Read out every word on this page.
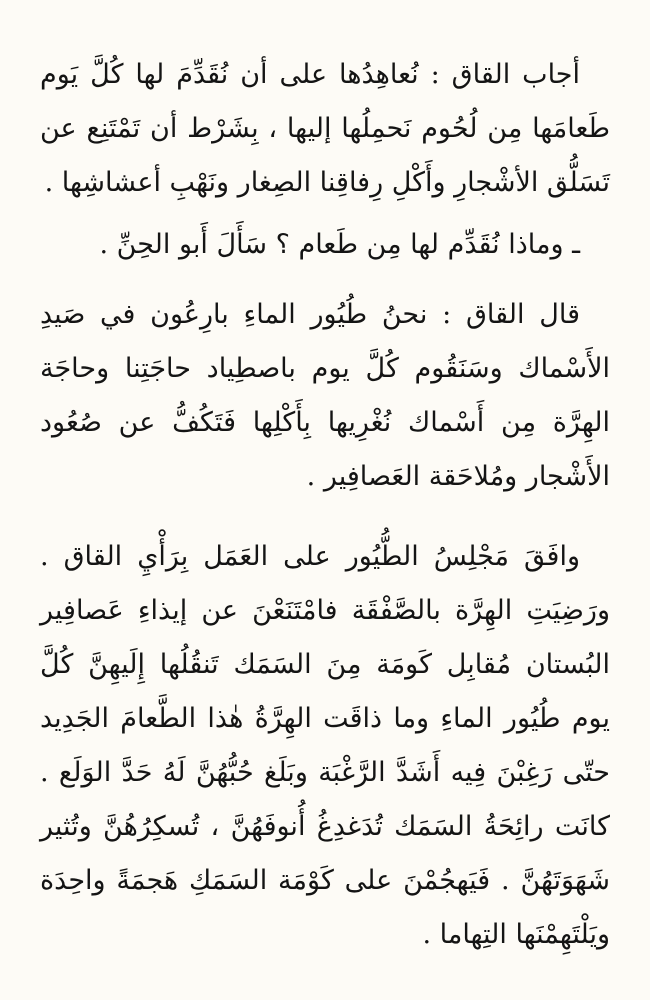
أجاب القاق : نُعاهِدُها على أن نُقَدِّمَ لها كُلَّ يَوم طَعامَها مِن لُحُوم نَحمِلُها إليها ، بِشَرْط أن تَمْتَنِع عن تَسَلُّق الأشْجارِ وأَكْلِ رِفاقِنا الصِغار ونَهْبِ أعشاشِها .

ـ وماذا نُقَدِّم لها مِن طَعام ؟ سَأَلَ أَبو الحِنِّ .

قال القاق : نحنُ طُيُور الماءِ بارِعُون في صَيدِ الأَسْماك وسَنَقُوم كُلَّ يوم باصطِياد حاجَتِنا وحاجَة الهِرَّة مِن أَسْماك نُغْرِيها بِأَكْلِها فَتَكُفُّ عن صُعُود الأَشْجار ومُلاحَقة العَصافِير .

وافَقَ مَجْلِسُ الطُّيُور على العَمَل بِرَأْيِ القاق . ورَضِيَتِ الهِرَّة بالصَّفْقَة فامْتَنَعْنَ عن إيذاءِ عَصافِير البُستان مُقابِل كَومَة مِنَ السَمَك تَنقُلُها إِلَيهِنَّ كُلَّ يوم طُيُور الماءِ وما ذاقَت الهِرَّةُ هٰذا الطَّعامَ الجَدِيد حتّى رَغِبْنَ فِيه أَشَدَّ الرَّغْبَة وبَلَغ حُبُّهُنَّ لَهُ حَدَّ الوَلَع . كانَت رائِحَةُ السَمَك تُدَغدِغُ أُنوفَهُنَّ ، تُسكِرُهُنَّ وتُثير شَهَوَتَهُنَّ . فَيَهجُمْنَ على كَوْمَة السَمَكِ هَجمَةً واحِدَة ويَلْتَهِمْنَها التِهاما .
